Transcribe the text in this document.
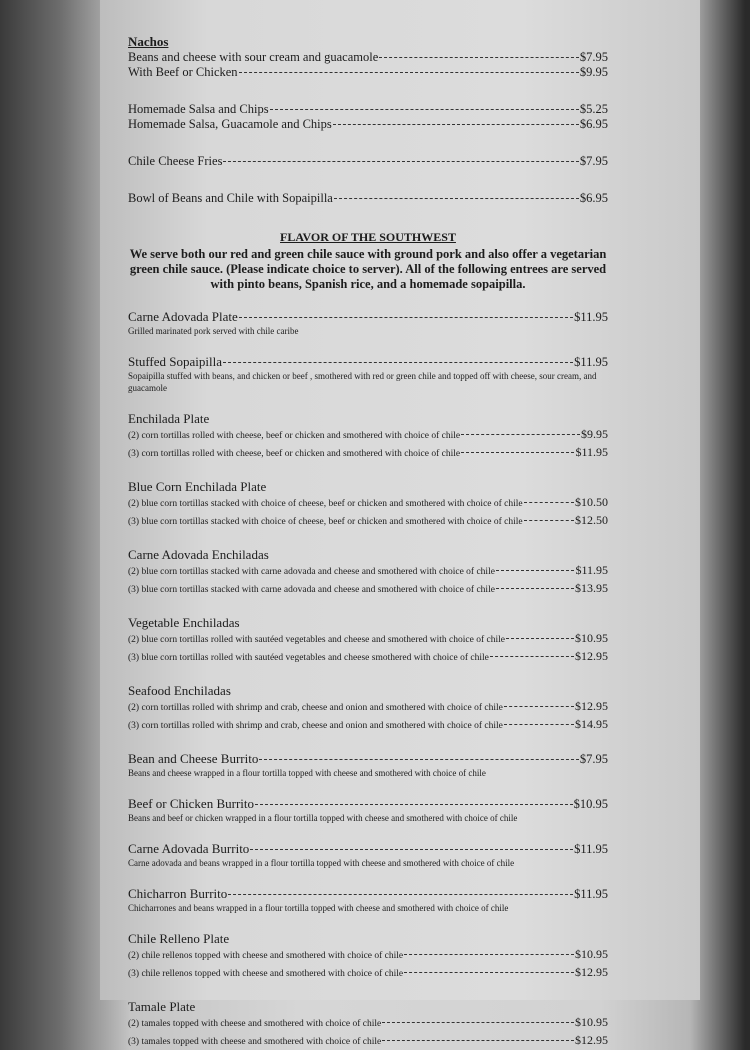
Nachos
Beans and cheese with sour cream and guacamole	$7.95
With Beef or Chicken	$9.95
Homemade Salsa and Chips	$5.25
Homemade Salsa, Guacamole and Chips	$6.95
Chile Cheese Fries	$7.95
Bowl of Beans and Chile with Sopaipilla	$6.95
FLAVOR OF THE SOUTHWEST
We serve both our red and green chile sauce with ground pork and also offer a vegetarian green chile sauce. (Please indicate choice to server). All of the following entrees are served with pinto beans, Spanish rice, and a homemade sopaipilla.
Carne Adovada Plate	$11.95
Grilled marinated pork served with chile caribe
Stuffed Sopaipilla	$11.95
Sopaipilla stuffed with beans, and chicken or beef , smothered with red or green chile and topped off with cheese, sour cream, and guacamole
Enchilada Plate
(2) corn tortillas rolled with cheese, beef or chicken and smothered with choice of chile	$9.95
(3) corn tortillas rolled with cheese, beef or chicken and smothered with choice of chile	$11.95
Blue Corn Enchilada Plate
(2) blue corn tortillas stacked with choice of cheese, beef or chicken and smothered with choice of chile	$10.50
(3) blue corn tortillas stacked with choice of cheese, beef or chicken and smothered with choice of chile	$12.50
Carne Adovada Enchiladas
(2) blue corn tortillas stacked with carne adovada and cheese and smothered with choice of chile	$11.95
(3) blue corn tortillas stacked with carne adovada and cheese and smothered with choice of chile	$13.95
Vegetable Enchiladas
(2) blue corn tortillas rolled with sautéed vegetables and cheese and smothered with choice of chile	$10.95
(3) blue corn tortillas rolled with sautéed vegetables and cheese smothered with choice of chile	$12.95
Seafood Enchiladas
(2) corn tortillas rolled with shrimp and crab, cheese and onion and smothered with choice of chile	$12.95
(3) corn tortillas rolled with shrimp and crab, cheese and onion and smothered with choice of chile	$14.95
Bean and Cheese Burrito	$7.95
Beans and cheese wrapped in a flour tortilla topped with cheese and smothered with choice of chile
Beef or Chicken Burrito	$10.95
Beans and beef or chicken wrapped in a flour tortilla topped with cheese and smothered with choice of chile
Carne Adovada Burrito	$11.95
Carne adovada and beans wrapped in a flour tortilla topped with cheese and smothered with choice of chile
Chicharron Burrito	$11.95
Chicharrones and beans wrapped in a flour tortilla topped with cheese and smothered with choice of chile
Chile Relleno Plate
(2) chile rellenos topped with cheese and smothered with choice of chile	$10.95
(3) chile rellenos topped with cheese and smothered with choice of chile	$12.95
Tamale Plate
(2) tamales topped with cheese and smothered with choice of chile	$10.95
(3) tamales topped with cheese and smothered with choice of chile	$12.95
